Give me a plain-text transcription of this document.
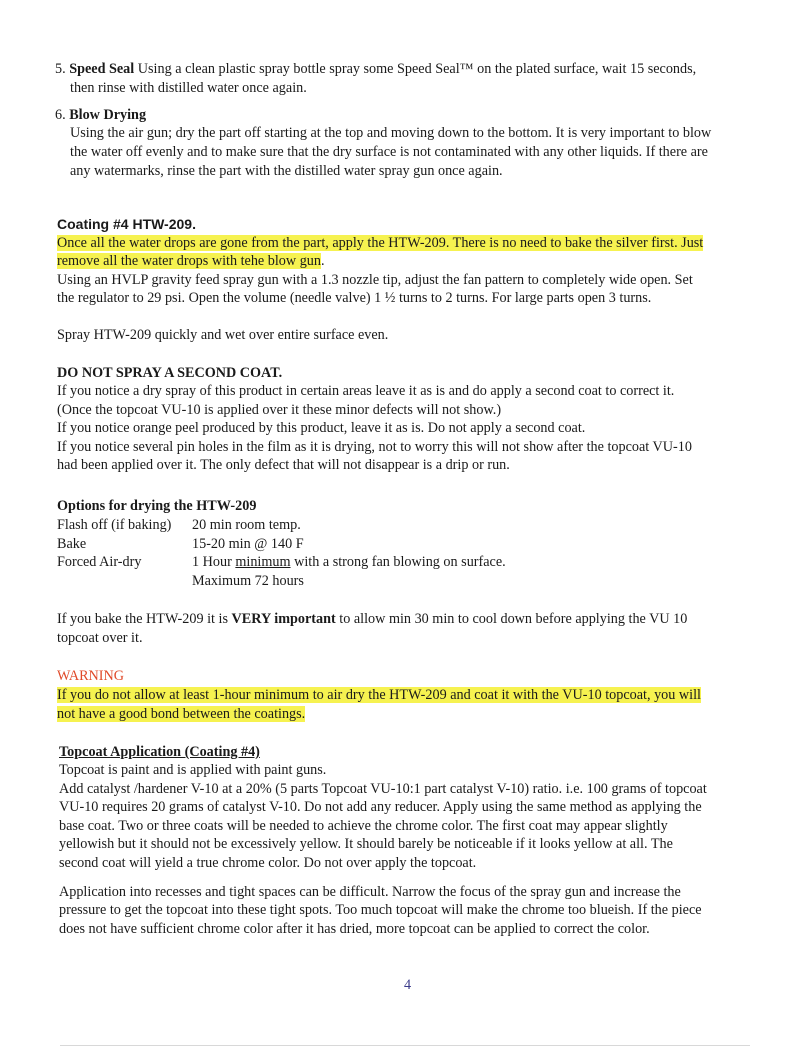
5. Speed Seal Using a clean plastic spray bottle spray some Speed Seal™ on the plated surface, wait 15 seconds,
then rinse with distilled water once again.
6. Blow Drying
Using the air gun; dry the part off starting at the top and moving down to the bottom. It is very important to blow
the water off evenly and to make sure that the dry surface is not contaminated with any other liquids. If there are
any watermarks, rinse the part with the distilled water spray gun once again.
Coating #4 HTW-209.
Once all the water drops are gone from the part, apply the HTW-209. There is no need to bake the silver first. Just
remove all the water drops with tehe blow gun.
Using an HVLP gravity feed spray gun with a 1.3 nozzle tip, adjust the fan pattern to completely wide open. Set
the regulator to 29 psi. Open the volume (needle valve) 1 ½ turns to 2 turns. For large parts open 3 turns.
Spray HTW-209 quickly and wet over entire surface even.
DO NOT SPRAY A SECOND COAT.
If you notice a dry spray of this product in certain areas leave it as is and do apply a second coat to correct it.
(Once the topcoat VU-10 is applied over it these minor defects will not show.)
If you notice orange peel produced by this product, leave it as is. Do not apply a second coat.
If you notice several pin holes in the film as it is drying, not to worry this will not show after the topcoat VU-10
had been applied over it. The only defect that will not disappear is a drip or run.
Options for drying the HTW-209
Flash off (if baking) 20 min room temp.
Bake	15-20 min @ 140 F
Forced Air-dry	1 Hour minimum with a strong fan blowing on surface.
Maximum 72 hours
If you bake the HTW-209 it is VERY important to allow min 30 min to cool down before applying the VU 10
topcoat over it.
WARNING
If you do not allow at least 1-hour minimum to air dry the HTW-209 and coat it with the VU-10 topcoat, you will
not have a good bond between the coatings.
Topcoat Application (Coating #4)
Topcoat is paint and is applied with paint guns.
Add catalyst /hardener V-10 at a 20% (5 parts Topcoat VU-10:1 part catalyst V-10) ratio. i.e. 100 grams of topcoat
VU-10 requires 20 grams of catalyst V-10. Do not add any reducer. Apply using the same method as applying the
base coat. Two or three coats will be needed to achieve the chrome color. The first coat may appear slightly
yellowish but it should not be excessively yellow. It should barely be noticeable if it looks yellow at all. The
second coat will yield a true chrome color. Do not over apply the topcoat.
Application into recesses and tight spaces can be difficult. Narrow the focus of the spray gun and increase the
pressure to get the topcoat into these tight spots. Too much topcoat will make the chrome too blueish. If the piece
does not have sufficient chrome color after it has dried, more topcoat can be applied to correct the color.
4
